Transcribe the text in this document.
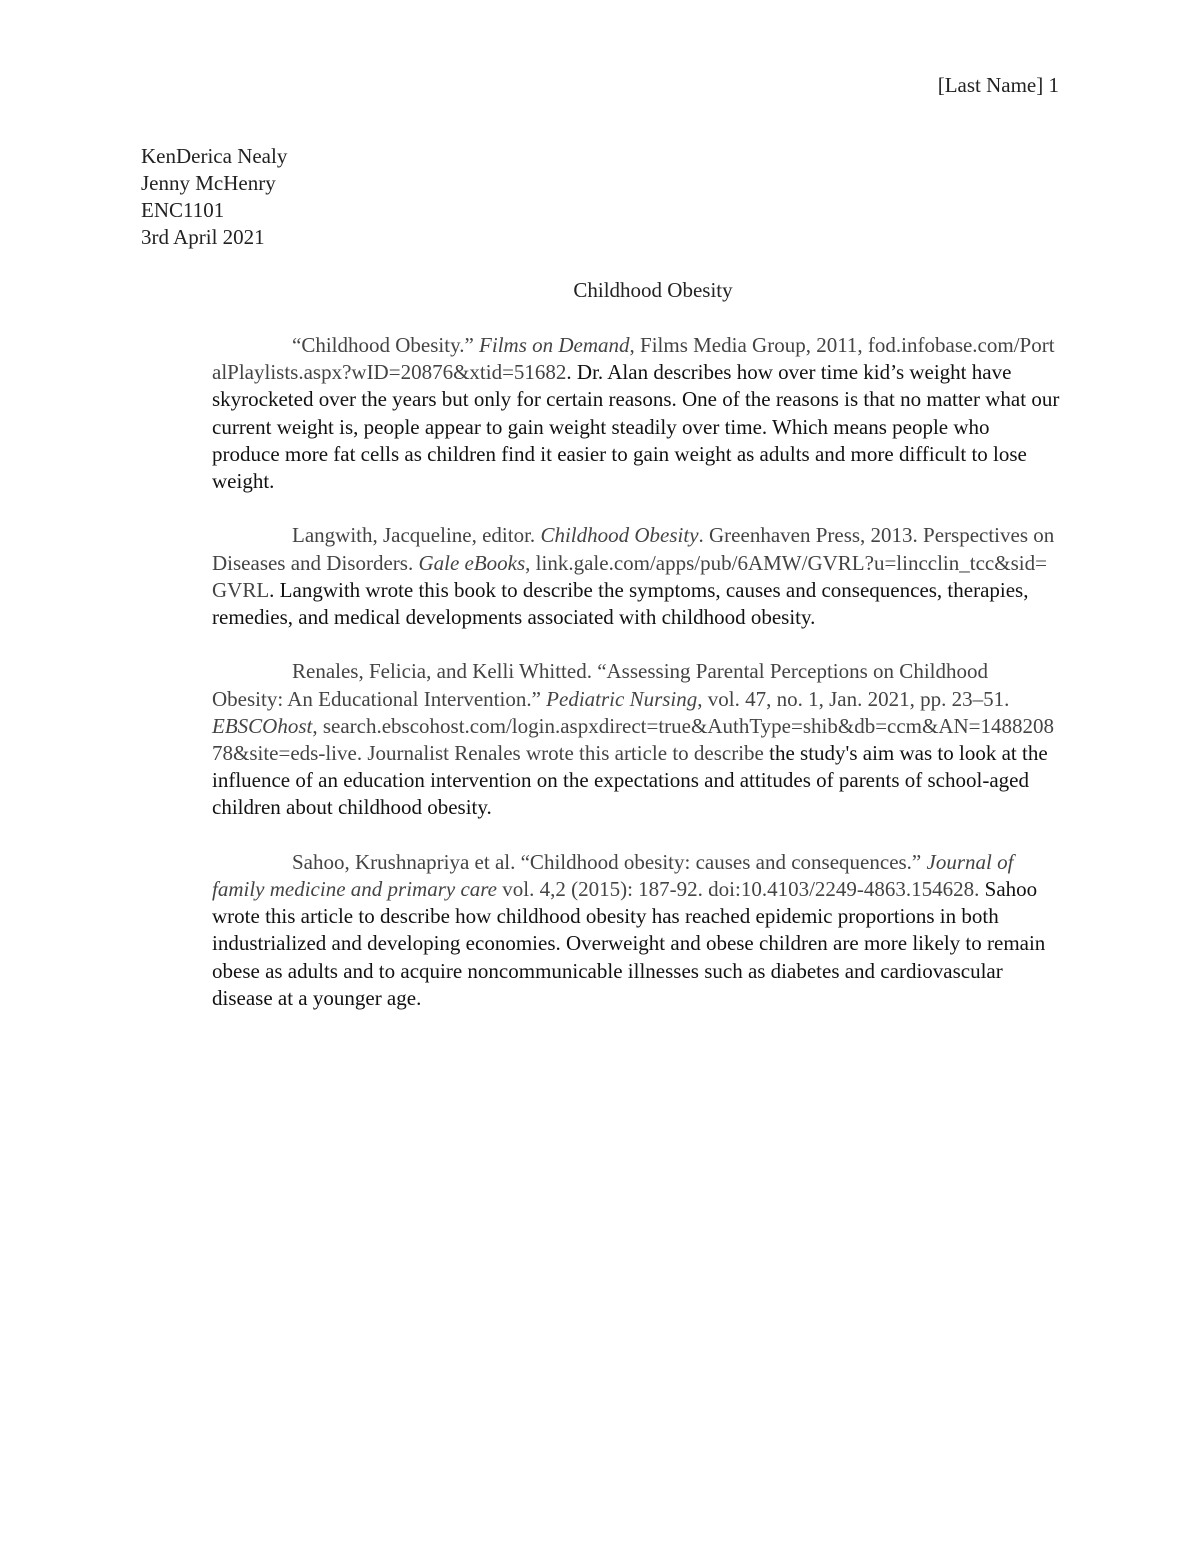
[Last Name] 1
KenDerica Nealy
Jenny McHenry
ENC1101
3rd April 2021
Childhood Obesity

“Childhood Obesity.” Films on Demand, Films Media Group, 2011, fod.infobase.com/PortalPlaylists.aspx?wID=20876&xtid=51682. Dr. Alan describes how over time kid’s weight have skyrocketed over the years but only for certain reasons. One of the reasons is that no matter what our current weight is, people appear to gain weight steadily over time. Which means people who produce more fat cells as children find it easier to gain weight as adults and more difficult to lose weight.

Langwith, Jacqueline, editor. Childhood Obesity. Greenhaven Press, 2013. Perspectives on Diseases and Disorders. Gale eBooks, link.gale.com/apps/pub/6AMW/GVRL?u=lincclin_tcc&sid=GVRL. Langwith wrote this book to describe the symptoms, causes and consequences, therapies, remedies, and medical developments associated with childhood obesity.

Renales, Felicia, and Kelli Whitted. “Assessing Parental Perceptions on Childhood Obesity: An Educational Intervention.” Pediatric Nursing, vol. 47, no. 1, Jan. 2021, pp. 23–51. EBSCOhost, search.ebscohost.com/login.aspxdirect=true&AuthType=shib&db=ccm&AN=148820878&site=eds-live. Journalist Renales wrote this article to describe the study's aim was to look at the influence of an education intervention on the expectations and attitudes of parents of school-aged children about childhood obesity.

Sahoo, Krushnapriya et al. “Childhood obesity: causes and consequences.” Journal of family medicine and primary care vol. 4,2 (2015): 187-92. doi:10.4103/2249-4863.154628. Sahoo wrote this article to describe how childhood obesity has reached epidemic proportions in both industrialized and developing economies. Overweight and obese children are more likely to remain obese as adults and to acquire noncommunicable illnesses such as diabetes and cardiovascular disease at a younger age.
